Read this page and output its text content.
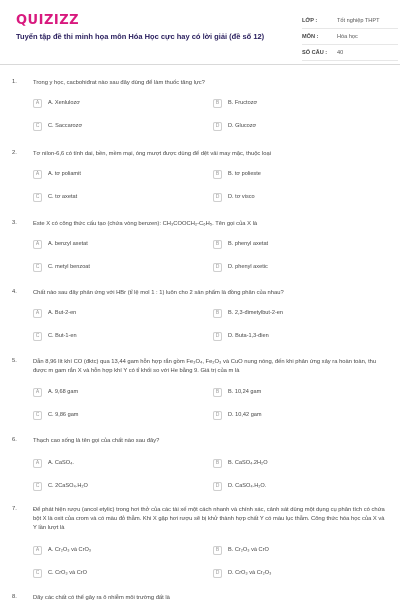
QUIZIZZ
Tuyển tập đề thi minh họa môn Hóa Học cực hay có lời giải (đề số 12)
LỚP :	Tốt nghiệp THPT
MÔN :	Hóa học
SỐ CÂU :	40
1.	Trong y học, cacbohiđrat nào sau đây dùng để làm thuốc tăng lực?
A	A. Xenlulozơ	B	B. Fructozơ
C	C. Saccarozơ	D	D. Glucozơ
2.	Tơ nilon-6,6 có tính dai, bền, mềm mại, óng mượt được dùng để dệt vải may mặc, thuộc loại
A	A. tơ poliamit	B	B. tơ polieste
C	C. tơ axetat	D	D. tơ visco
3.	Este X có công thức cấu tạo (chứa vòng benzen): CH₃COOCH₂-C₆H₅. Tên gọi của X là
A	A. benzyl axetat	B	B. phenyl axetat
C	C. metyl benzoat	D	D. phenyl axetic
4.	Chất nào sau đây phản ứng với HBr (tỉ lệ mol 1 : 1) luôn cho 2 sản phẩm là đồng phân của nhau?
A	A. But-2-en	B	B. 2,3-đimetylbut-2-en
C	C. But-1-en	D	D. Buta-1,3-đien
5.	Dẫn 8,96 lít khí CO (đktc) qua 13,44 gam hỗn hợp rắn gồm Fe₃O₄, Fe₂O₃ và CuO nung nóng, đến khi phản ứng xảy ra hoàn toàn, thu được m gam rắn X và hỗn hợp khí Y có tỉ khối so với He bằng 9. Giá trị của m là
A	A. 9,68 gam	B	B. 10,24 gam
C	C. 9,86 gam	D	D. 10,42 gam
6.	Thạch cao sống là tên gọi của chất nào sau đây?
A	A. CaSO₄.	B	B. CaSO₄.2H₂O
C	C. 2CaSO₄.H₂O	D	D. CaSO₄.H₂O.
7.	Để phát hiện rượu (ancol etylic) trong hơi thở của các tài xế một cách nhanh và chính xác, cảnh sát dùng một dụng cụ phân tích có chứa bột X là oxit của crom và có màu đỏ thẫm. Khi X gặp hơi rượu sẽ bị khử thành hợp chất Y có màu lục thẫm. Công thức hóa học của X và Y lần lượt là
A	A. Cr₂O₃ và CrO₃	B	B. Cr₂O₃ và CrO
C	C. CrO₃ và CrO	D	D. CrO₃ và Cr₂O₃
8.	Dãy các chất có thể gây ra ô nhiễm môi trường đất là
